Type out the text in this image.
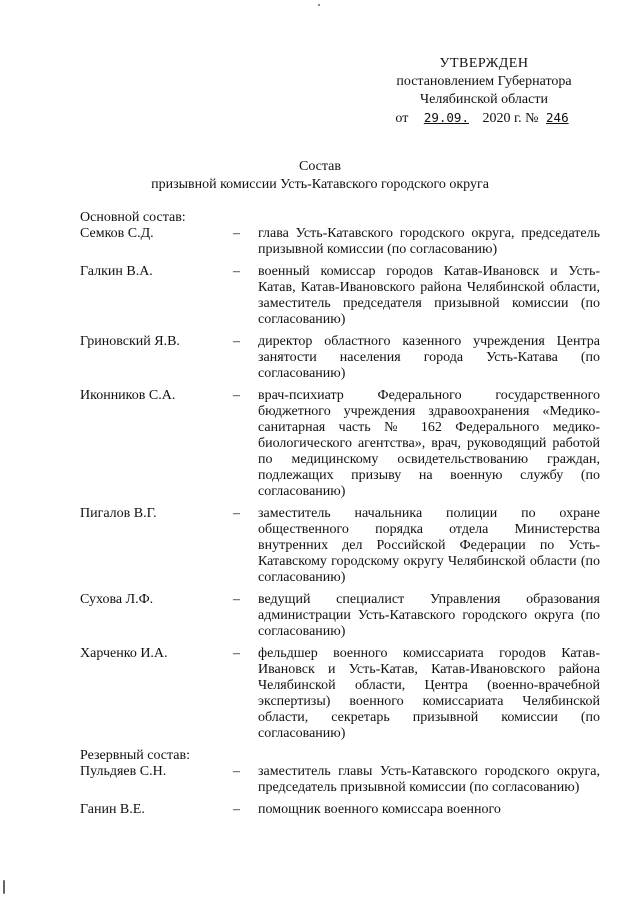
УТВЕРЖДЕН
постановлением Губернатора
Челябинской области
от 29.09. 2020 г. № 246
Состав
призывной комиссии Усть-Катавского городского округа
Основной состав:
Семков С.Д.	–	глава Усть-Катавского городского округа, председатель призывной комиссии (по согласованию)
Галкин В.А.	–	военный комиссар городов Катав-Ивановск и Усть-Катав, Катав-Ивановского района Челябинской области, заместитель председателя призывной комиссии (по согласованию)
Гриновский Я.В.	–	директор областного казенного учреждения Центра занятости населения города Усть-Катава (по согласованию)
Иконников С.А.	–	врач-психиатр Федерального государственного бюджетного учреждения здравоохранения «Медико-санитарная часть № 162 Федерального медико-биологического агентства», врач, руководящий работой по медицинскому освидетельствованию граждан, подлежащих призыву на военную службу (по согласованию)
Пигалов В.Г.	–	заместитель начальника полиции по охране общественного порядка отдела Министерства внутренних дел Российской Федерации по Усть-Катавскому городскому округу Челябинской области (по согласованию)
Сухова Л.Ф.	–	ведущий специалист Управления образования администрации Усть-Катавского городского округа (по согласованию)
Харченко И.А.	–	фельдшер военного комиссариата городов Катав-Ивановск и Усть-Катав, Катав-Ивановского района Челябинской области, Центра (военно-врачебной экспертизы) военного комиссариата Челябинской области, секретарь призывной комиссии (по согласованию)
Резервный состав:
Пульдяев С.Н.	–	заместитель главы Усть-Катавского городского округа, председатель призывной комиссии (по согласованию)
Ганин В.Е.	–	помощник военного комиссара военного
